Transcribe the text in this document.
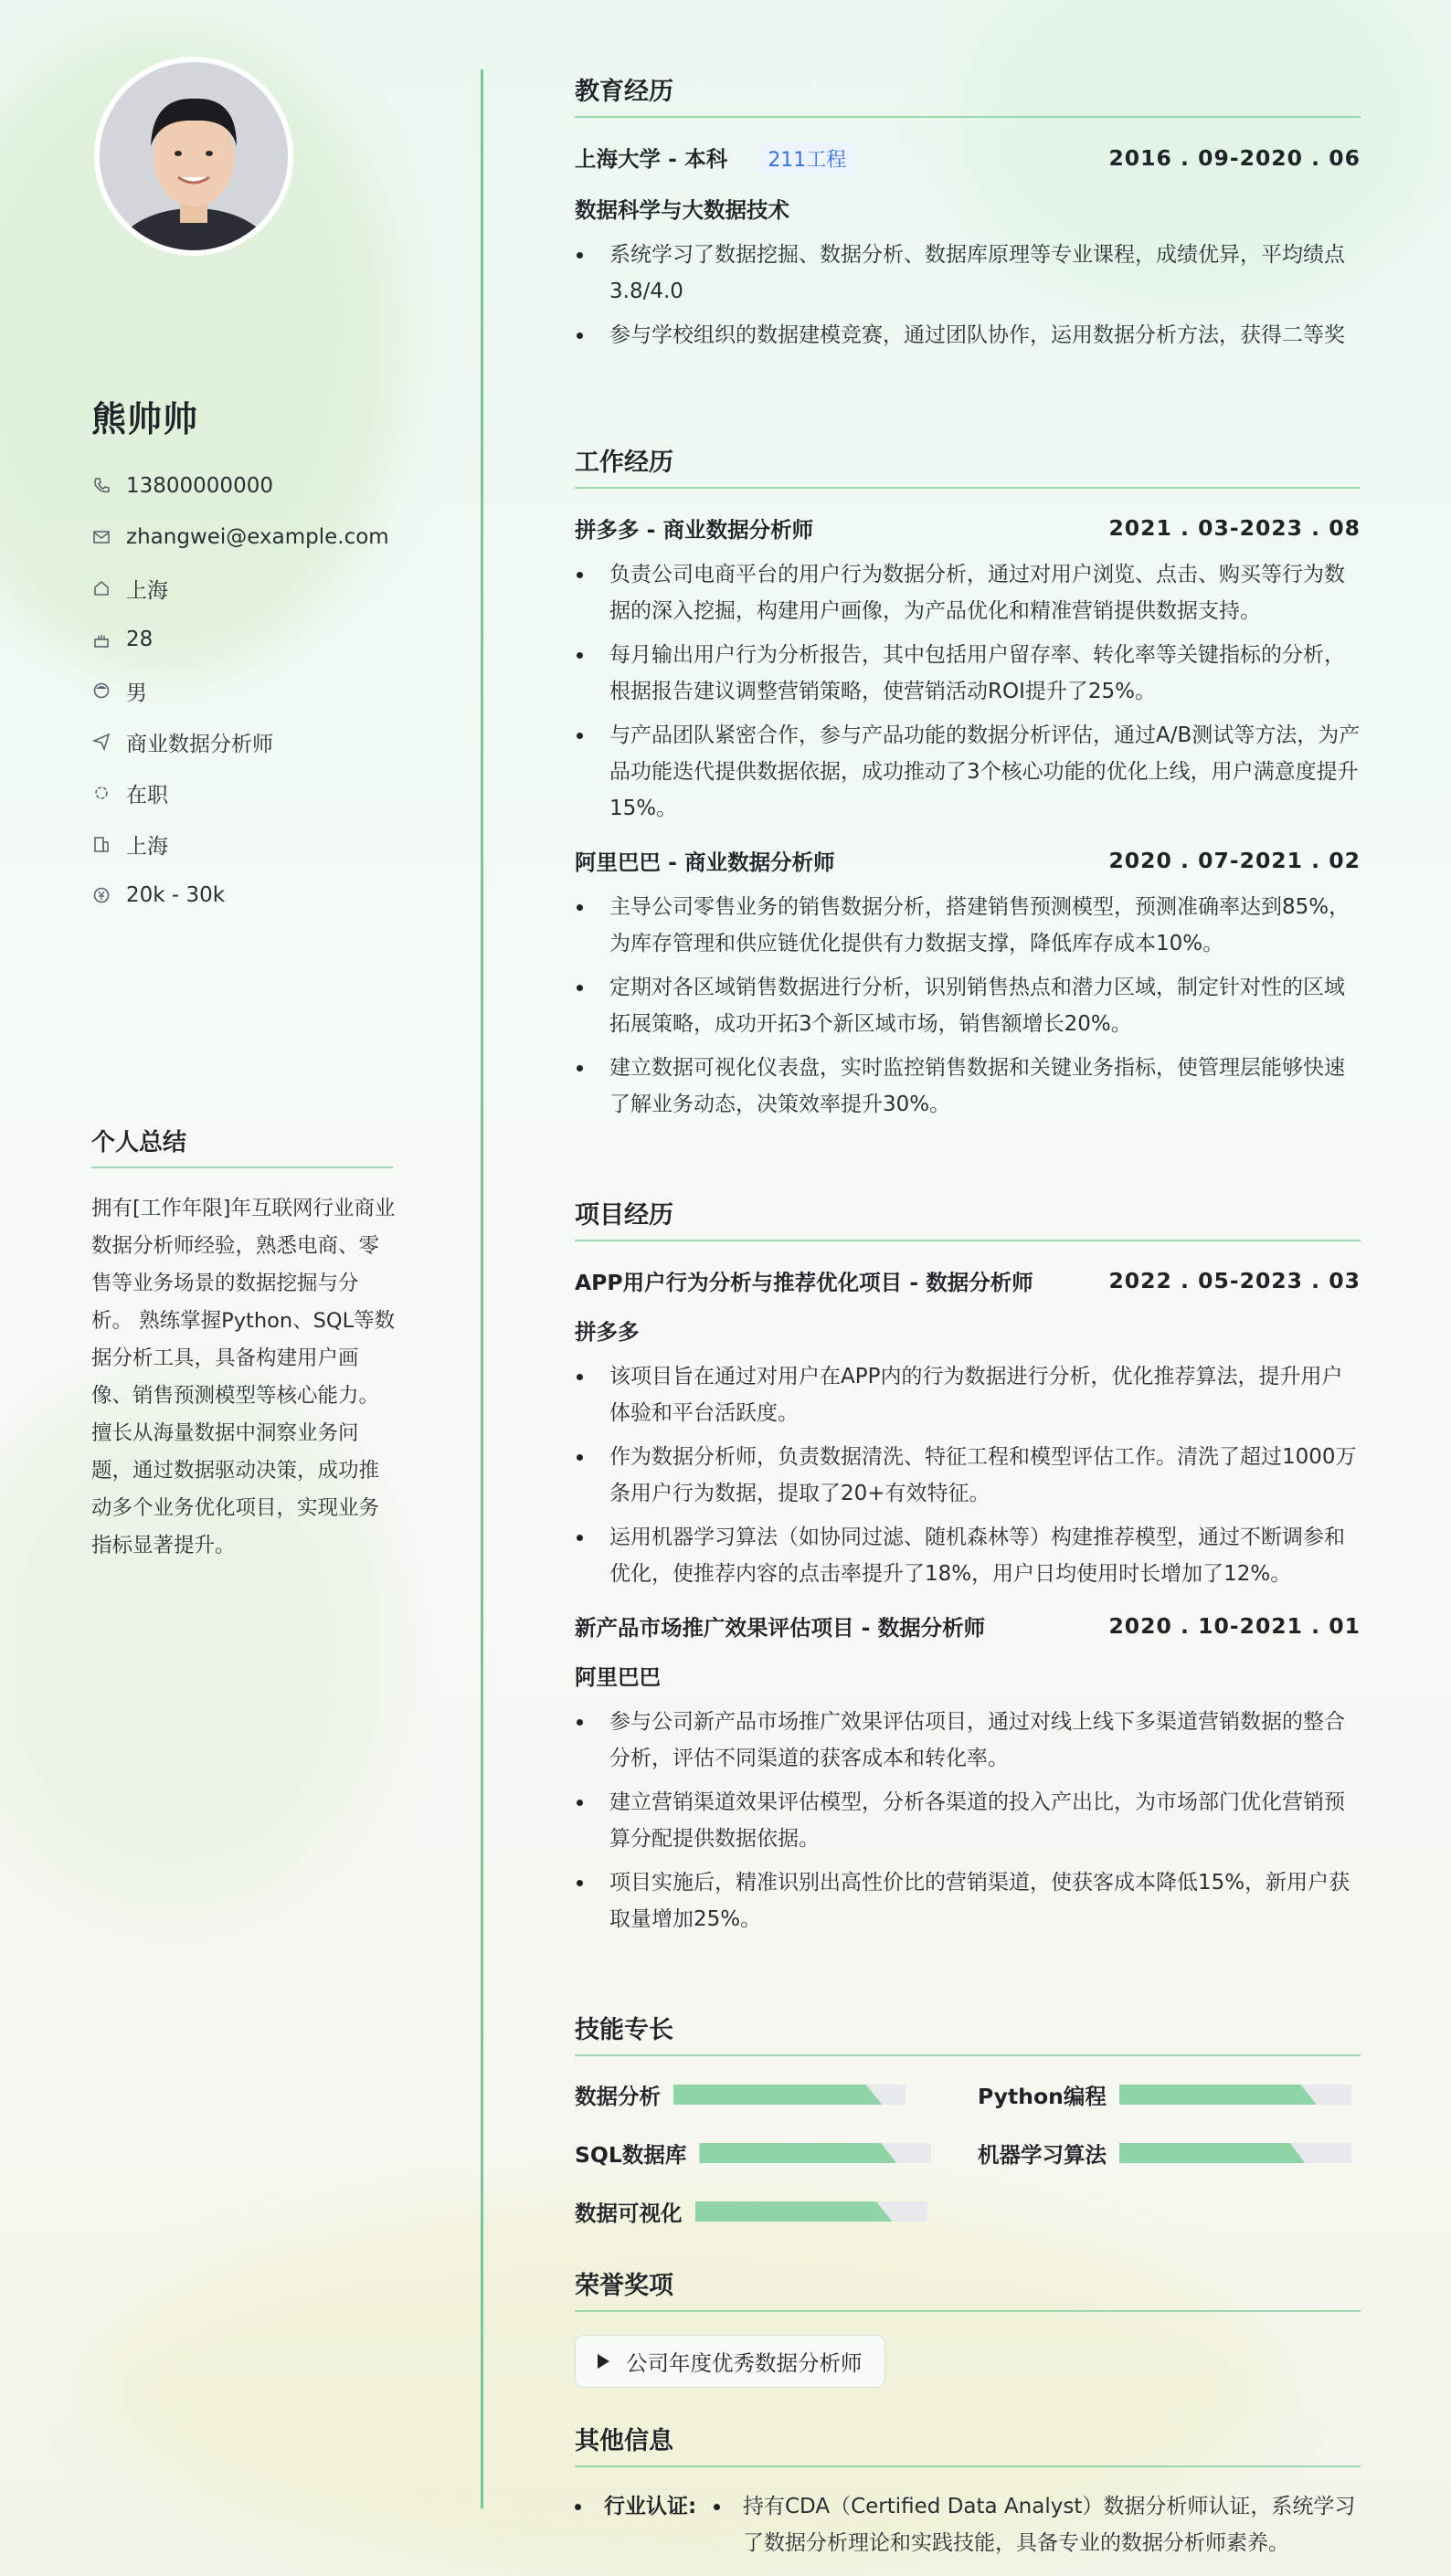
熊帅帅
13800000000
zhangwei@example.com
上海
28
男
商业数据分析师
在职
上海
20k - 30k
个人总结
拥有[工作年限]年互联网行业商业数据分析师经验，熟悉电商、零售等业务场景的数据挖掘与分析。 熟练掌握Python、SQL等数据分析工具，具备构建用户画像、销售预测模型等核心能力。 擅长从海量数据中洞察业务问题，通过数据驱动决策，成功推动多个业务优化项目，实现业务指标显著提升。
教育经历
上海大学 - 本科 211工程	2016 . 09-2020 . 06
数据科学与大数据技术
系统学习了数据挖掘、数据分析、数据库原理等专业课程，成绩优异，平均绩点3.8/4.0
参与学校组织的数据建模竞赛，通过团队协作，运用数据分析方法，获得二等奖
工作经历
拼多多 - 商业数据分析师	2021 . 03-2023 . 08
负责公司电商平台的用户行为数据分析，通过对用户浏览、点击、购买等行为数据的深入挖掘，构建用户画像，为产品优化和精准营销提供数据支持。
每月输出用户行为分析报告，其中包括用户留存率、转化率等关键指标的分析，根据报告建议调整营销策略，使营销活动ROI提升了25%。
与产品团队紧密合作，参与产品功能的数据分析评估，通过A/B测试等方法，为产品功能迭代提供数据依据，成功推动了3个核心功能的优化上线，用户满意度提升15%。
阿里巴巴 - 商业数据分析师	2020 . 07-2021 . 02
主导公司零售业务的销售数据分析，搭建销售预测模型，预测准确率达到85%，为库存管理和供应链优化提供有力数据支撑，降低库存成本10%。
定期对各区域销售数据进行分析，识别销售热点和潜力区域，制定针对性的区域拓展策略，成功开拓3个新区域市场，销售额增长20%。
建立数据可视化仪表盘，实时监控销售数据和关键业务指标，使管理层能够快速了解业务动态，决策效率提升30%。
项目经历
APP用户行为分析与推荐优化项目 - 数据分析师	2022 . 05-2023 . 03
拼多多
该项目旨在通过对用户在APP内的行为数据进行分析，优化推荐算法，提升用户体验和平台活跃度。
作为数据分析师，负责数据清洗、特征工程和模型评估工作。清洗了超过1000万条用户行为数据，提取了20+有效特征。
运用机器学习算法（如协同过滤、随机森林等）构建推荐模型，通过不断调参和优化，使推荐内容的点击率提升了18%，用户日均使用时长增加了12%。
新产品市场推广效果评估项目 - 数据分析师	2020 . 10-2021 . 01
阿里巴巴
参与公司新产品市场推广效果评估项目，通过对线上线下多渠道营销数据的整合分析，评估不同渠道的获客成本和转化率。
建立营销渠道效果评估模型，分析各渠道的投入产出比，为市场部门优化营销预算分配提供数据依据。
项目实施后，精准识别出高性价比的营销渠道，使获客成本降低15%，新用户获取量增加25%。
技能专长
数据分析	Python编程
SQL数据库	机器学习算法
数据可视化
荣誉奖项
公司年度优秀数据分析师
其他信息
行业认证:	持有CDA（Certified Data Analyst）数据分析师认证，系统学习了数据分析理论和实践技能，具备专业的数据分析师素养。
